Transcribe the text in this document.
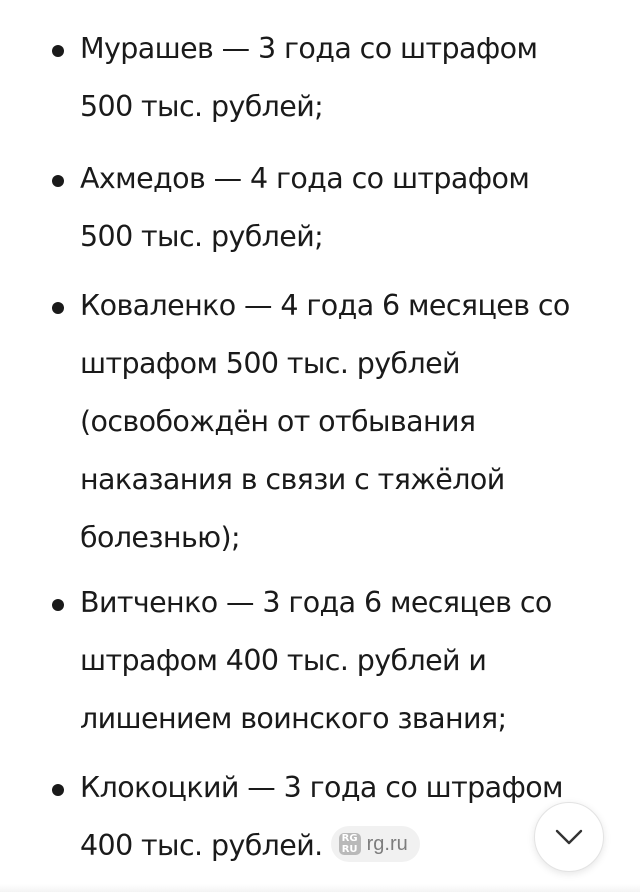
Мурашев — 3 года со штрафом 500 тыс. рублей;
Ахмедов — 4 года со штрафом 500 тыс. рублей;
Коваленко — 4 года 6 месяцев со штрафом 500 тыс. рублей (освобождён от отбывания наказания в связи с тяжёлой болезнью);
Витченко — 3 года 6 месяцев со штрафом 400 тыс. рублей и лишением воинского звания;
Клокоцкий — 3 года со штрафом 400 тыс. рублей.	RG RU rg.ru
